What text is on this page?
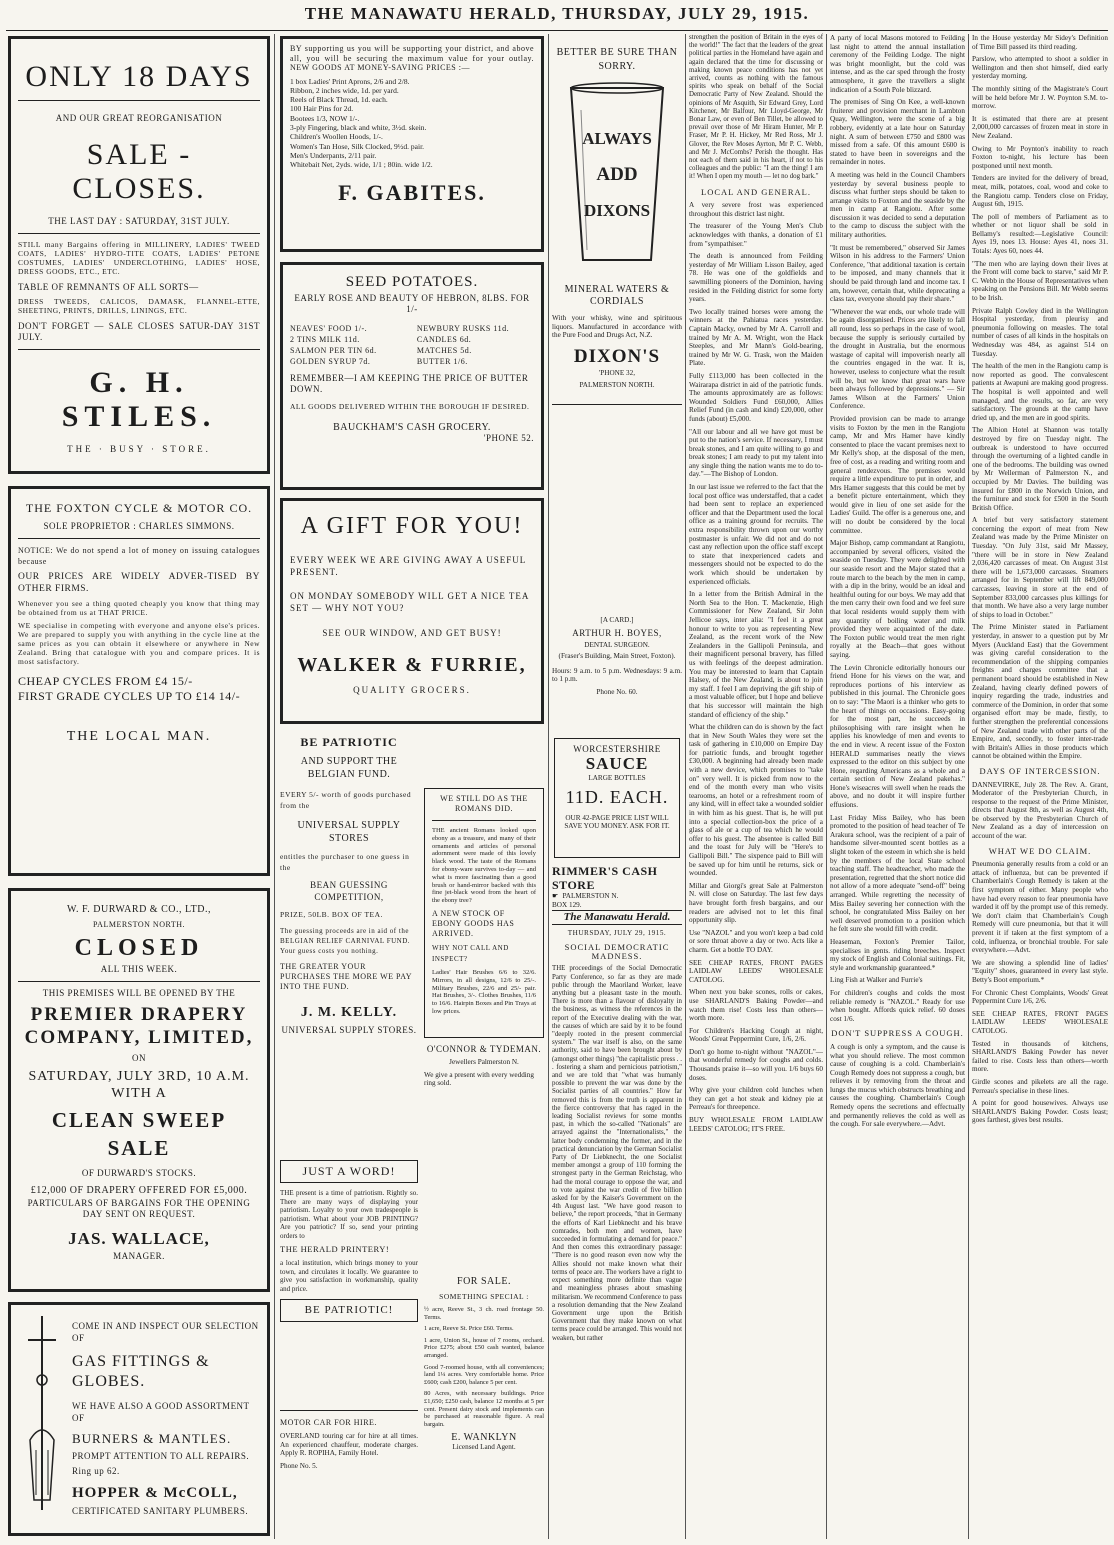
THE MANAWATU HERALD, THURSDAY, JULY 29, 1915.
ONLY 18 DAYS
AND OUR GREAT REORGANISATION
SALE - CLOSES.
THE LAST DAY : SATURDAY, 31ST JULY.

STILL many Bargains offering in MILLINERY, LADIES' TWEED COATS, LADIES' HYDRO-TITE COATS, LADIES' PETONE COSTUMES, LADIES' UNDERCLOTHING, LADIES' HOSE, DRESS GOODS, ETC., ETC.

TABLE OF REMNANTS OF ALL SORTS—

DRESS TWEEDS, CALICOS, DAMASK, FLANNEL-ETTE, SHEETING, PRINTS, DRILLS, LININGS, ETC.

DON'T FORGET — SALE CLOSES SATUR-DAY 31ST JULY.

G. H. STILES.
THE · BUSY · STORE.
THE FOXTON CYCLE & MOTOR CO.
SOLE PROPRIETOR : CHARLES SIMMONS.

NOTICE: We do not spend a lot of money on issuing catalogues because

OUR PRICES ARE WIDELY ADVER-TISED BY OTHER FIRMS.

Whenever you see a thing quoted cheaply you know that thing may be obtained from us at THAT PRICE.

WE specialise in competing with everyone and anyone else's prices. We are prepared to supply you with anything in the cycle line at the same prices as you can obtain it elsewhere or anywhere in New Zealand. Bring that catalogue with you and compare prices. It is most satisfactory.

CHEAP CYCLES FROM £4 15/-
FIRST GRADE CYCLES UP TO £14 14/-
THE LOCAL MAN.
W. F. DURWARD & CO., LTD.,
PALMERSTON NORTH.
CLOSED
ALL THIS WEEK.
THIS PREMISES WILL BE OPENED BY THE
PREMIER DRAPERY COMPANY, LIMITED,
ON
SATURDAY, JULY 3RD, 10 A.M. WITH A
CLEAN SWEEP SALE
OF DURWARD'S STOCKS.
£12,000 OF DRAPERY OFFERED FOR £5,000.
PARTICULARS OF BARGAINS FOR THE OPENING DAY SENT ON REQUEST.
JAS. WALLACE,
MANAGER.
COME IN AND INSPECT OUR SELECTION OF
GAS FITTINGS & GLOBES.
WE HAVE ALSO A GOOD ASSORTMENT OF
BURNERS & MANTLES.
PROMPT ATTENTION TO ALL REPAIRS.
Ring up 62.
HOPPER & McCOLL,
CERTIFICATED SANITARY PLUMBERS.

BY supporting us you will be supporting your district, and above all, you will be securing the maximum value for your outlay. NEW GOODS AT MONEY-SAVING PRICES :—

1 box Ladies' Print Aprons, 2/6 and 2/8.
Ribbon, 2 inches wide, 1d. per yard.
Reels of Black Thread, 1d. each.
100 Hair Pins for 2d.
Bootees 1/3, NOW 1/-.
3-ply Fingering, black and white, 3½d. skein.
Children's Woollen Hoods, 1/-.
Women's Tan Hose, Silk Clocked, 9½d. pair.
Men's Underpants, 2/11 pair.
Whitebait Net, 2yds. wide, 1/1 ; 80in. wide 1/2.
F. GABITES.
SEED POTATOES.
EARLY ROSE AND BEAUTY OF HEBRON, 8LBS. FOR 1/-
NEAVES' FOOD 1/-.
2 TINS MILK 11d.
SALMON PER TIN 6d.
GOLDEN SYRUP 7d.
NEWBURY RUSKS 11d.
CANDLES 6d.
MATCHES 5d.
BUTTER 1/6.
REMEMBER—I AM KEEPING THE PRICE OF BUTTER DOWN.
ALL GOODS DELIVERED WITHIN THE BOROUGH IF DESIRED.
BAUCKHAM'S CASH GROCERY.
'PHONE 52.
A GIFT FOR YOU!
EVERY WEEK WE ARE GIVING AWAY A USEFUL PRESENT.
ON MONDAY SOMEBODY WILL GET A NICE TEA SET — WHY NOT YOU?
SEE OUR WINDOW, AND GET BUSY!
WALKER & FURRIE,
QUALITY GROCERS.
BE PATRIOTIC
AND SUPPORT THE BELGIAN FUND.
EVERY 5/- worth of goods purchased from the
UNIVERSAL SUPPLY STORES
entitles the purchaser to one guess in the
BEAN GUESSING COMPETITION,
PRIZE, 50LB. BOX OF TEA.
The guessing proceeds are in aid of the BELGIAN RELIEF CARNIVAL FUND. Your guess costs you nothing.
THE GREATER YOUR PURCHASES THE MORE WE PAY INTO THE FUND.
J. M. KELLY.
UNIVERSAL SUPPLY STORES.
WE STILL DO AS THE ROMANS DID.

THE ancient Romans looked upon ebony as a treasure, and many of their ornaments and articles of personal adornment were made of this lovely black wood. The taste of the Romans for ebony-ware survives to-day — and what is more fascinating than a good brush or hand-mirror backed with this fine jet-black wood from the heart of the ebony tree?

A NEW STOCK OF EBONY GOODS HAS ARRIVED.
WHY NOT CALL AND INSPECT?

Ladies' Hair Brushes 6/6 to 32/6. Mirrors, in all designs, 12/6 to 25/-. Military Brushes, 22/6 and 25/- pair. Hat Brushes, 3/-. Clothes Brushes, 11/6 to 16/6. Hairpin Boxes and Pin Trays at low prices.

O'CONNOR & TYDEMAN.
Jewellers Palmerston N.
We give a present with every wedding ring sold.
JUST A WORD!

THE present is a time of patriotism. Rightly so. There are many ways of displaying your patriotism. Loyalty to your own tradespeople is patriotism. What about your JOB PRINTING? Are you patriotic? If so, send your printing orders to

THE HERALD PRINTERY!

a local institution, which brings money to your town, and circulates it locally. We guarantee to give you satisfaction in workmanship, quality and price.

BE PATRIOTIC!
MOTOR CAR FOR HIRE.

OVERLAND touring car for hire at all times. An experienced chauffeur, moderate charges. Apply R. ROPIHA, Family Hotel.

Phone No. 5.
FOR SALE.
SOMETHING SPECIAL :

½ acre, Reeve St., 3 ch. road frontage 50. Terms.

1 acre, Reeve St. Price £60. Terms.

1 acre, Union St., house of 7 rooms, orchard. Price £275; about £50 cash wanted, balance arranged.

Good 7-roomed house, with all conveniences; land 1¼ acres. Very comfortable home. Price £600; cash £200, balance 5 per cent.

80 Acres, with necessary buildings. Price £1,650; £250 cash, balance 12 months at 5 per cent. Present dairy stock and implements can be purchased at reasonable figure. A real bargain.

E. WANKLYN
Licensed Land Agent.
BETTER BE SURE THAN SORRY.
ALWAYS
ADD
DIXONS
MINERAL WATERS & CORDIALS

With your whisky, wine and spirituous liquors. Manufactured in accordance with the Pure Food and Drugs Act, N.Z.

DIXON'S
'PHONE 32,
PALMERSTON NORTH.
[A CARD.]
ARTHUR H. BOYES,
DENTAL SURGEON.
(Fraser's Building, Main Street, Foxton).

Hours: 9 a.m. to 5 p.m. Wednesdays: 9 a.m. to 1 p.m.

Phone No. 60.
WORCESTERSHIRE
SAUCE
LARGE BOTTLES
11D. EACH.

OUR 42-PAGE PRICE LIST WILL SAVE YOU MONEY. ASK FOR IT.

RIMMER'S CASH STORE
☛ PALMERSTON N.
BOX 129.
The Manawatu Herald.
THURSDAY, JULY 29, 1915.
SOCIAL DEMOCRATIC MADNESS.

THE proceedings of the Social Democratic Party Conference, so far as they are made public through the Maoriland Worker, leave anything but a pleasant taste in the mouth. There is more than a flavour of disloyalty in the business, as witness the references in the report of the Executive dealing with the war, the causes of which are said by it to be found "deeply rooted in the present commercial system." The war itself is also, on the same authority, said to have been brought about by (amongst other things) "the capitalistic press . . . fostering a sham and pernicious patriotism," and we are told that "what was humanly possible to prevent the war was done by the Socialist parties of all countries." How far removed this is from the truth is apparent in the fierce controversy that has raged in the leading Socialist reviews for some months past, in which the so-called "Nationals" are arrayed against the "Internationalists," the latter body condemning the former, and in the practical denunciation by the German Socialist Party of Dr Liebknecht, the one Socialist member amongst a group of 110 forming the strongest party in the German Reichstag, who had the moral courage to oppose the war, and to vote against the war credit of five billion asked for by the Kaiser's Government on the 4th August last. "We have good reason to believe," the report proceeds, "that in Germany the efforts of Karl Liebknecht and his brave comrades, both men and women, have succeeded in formulating a demand for peace." And then comes this extraordinary passage: "There is no good reason even now why the Allies should not make known what their terms of peace are. The workers have a right to expect something more definite than vague and meaningless phrases about smashing militarism. We recommend Conference to pass a resolution demanding that the New Zealand Government urge upon the British Government that they make known on what terms peace could be arranged. This would not weaken, but rather

strengthen the position of Britain in the eyes of the world!" The fact that the leaders of the great political parties in the Homeland have again and again declared that the time for discussing or making known peace conditions has not yet arrived, counts as nothing with the famous spirits who speak on behalf of the Social Democratic Party of New Zealand. Should the opinions of Mr Asquith, Sir Edward Grey, Lord Kitchener, Mr Balfour, Mr Lloyd-George, Mr Bonar Law, or even of Ben Tillet, be allowed to prevail over those of Mr Hiram Hunter, Mr P. Fraser, Mr P. H. Hickey, Mr Red Ross, Mr J. Glover, the Rev Moses Ayrton, Mr P. C. Webb, and Mr J. McCombs? Perish the thought. Has not each of them said in his heart, if not to his colleagues and the public: "I am the thing! I am it! When I open my mouth — let no dog bark."

LOCAL AND GENERAL.

A very severe frost was experienced throughout this district last night.

The treasurer of the Young Men's Club acknowledges with thanks, a donation of £1 from "sympathiser."

The death is announced from Feilding yesterday of Mr William Lisson Bailey, aged 78. He was one of the goldfields and sawmilling pioneers of the Dominion, having resided in the Feilding district for some forty years.

Two locally trained horses were among the winners at the Pahiatua races yesterday. Captain Macky, owned by Mr A. Carroll and trained by Mr A. M. Wright, won the Hack Steeples, and Mr Mann's Gold-bearing, trained by Mr W. G. Trask, won the Maiden Plate.

Fully £113,000 has been collected in the Wairarapa district in aid of the patriotic funds. The amounts approximately are as follows: Wounded Soldiers Fund £60,000, Allies Relief Fund (in cash and kind) £20,000, other funds (about) £5,000.

"All our labour and all we have got must be put to the nation's service. If necessary, I must break stones, and I am quite willing to go and break stones; I am ready to put my talent into any single thing the nation wants me to do to-day."—The Bishop of London.

In our last issue we referred to the fact that the local post office was understaffed, that a cadet had been sent to replace an experienced officer and that the Department used the local office as a training ground for recruits. The extra responsibility thrown upon our worthy postmaster is unfair. We did not and do not cast any reflection upon the office staff except to state that inexperienced cadets and messengers should not be expected to do the work which should be undertaken by experienced officials.

In a letter from the British Admiral in the North Sea to the Hon. T. Mackenzie, High Commissioner for New Zealand, Sir John Jellicoe says, inter alia: "I feel it a great honour to write to you as representing New Zealand, as the recent work of the New Zealanders in the Gallipoli Peninsula, and their magnificent personal bravery, has filled us with feelings of the deepest admiration. You may be interested to learn that Captain Halsey, of the New Zealand, is about to join my staff. I feel I am depriving the gift ship of a most valuable officer, but I hope and believe that his successor will maintain the high standard of efficiency of the ship."

What the children can do is shown by the fact that in New South Wales they were set the task of gathering in £10,000 on Empire Day for patriotic funds, and brought together £30,000. A beginning had already been made with a new device, which promises to "take on" very well. It is picked from now to the end of the month every man who visits tearooms, an hotel or a refreshment room of any kind, will in effect take a wounded soldier in with him as his guest. That is, he will put into a special collection-box the price of a glass of ale or a cup of tea which he would offer to his guest. The absentee is called Bill and the toast for July will be "Here's to Gallipoli Bill." The sixpence paid to Bill will be saved up for him until he returns, sick or wounded.

Millar and Giorgi's great Sale at Palmerston N. will close on Saturday. The last few days have brought forth fresh bargains, and our readers are advised not to let this final opportunity slip.

Use "NAZOL" and you won't keep a bad cold or sore throat above a day or two. Acts like a charm. Get a bottle TO DAY.

SEE CHEAP RATES, FRONT PAGES LAIDLAW LEEDS' WHOLESALE CATOLOG.

When next you bake scones, rolls or cakes, use SHARLAND'S Baking Powder—and watch them rise! Costs less than others—worth more.

For Children's Hacking Cough at night, Woods' Great Peppermint Cure, 1/6, 2/6.

Don't go home to-night without "NAZOL"—that wonderful remedy for coughs and colds. Thousands praise it—so will you. 1/6 buys 60 doses.

Why give your children cold lunches when they can get a hot steak and kidney pie at Perreau's for threepence.

BUY WHOLESALE FROM LAIDLAW LEEDS' CATOLOG; IT'S FREE.

A party of local Masons motored to Feilding last night to attend the annual installation ceremony of the Feilding Lodge. The night was bright moonlight, but the cold was intense, and as the car sped through the frosty atmosphere, it gave the travellers a slight indication of a South Pole blizzard.

The premises of Sing On Kee, a well-known fruiterer and provision merchant in Lambton Quay, Wellington, were the scene of a big robbery, evidently at a late hour on Saturday night. A sum of between £750 and £800 was missed from a safe. Of this amount £600 is stated to have been in sovereigns and the remainder in notes.

A meeting was held in the Council Chambers yesterday by several business people to discuss what further steps should be taken to arrange visits to Foxton and the seaside by the men in camp at Rangiotu. After some discussion it was decided to send a deputation to the camp to discuss the subject with the military authorities.

"It must be remembered," observed Sir James Wilson in his address to the Farmers' Union Conference, "that additional taxation is certain to be imposed, and many channels that it should be paid through land and income tax. I am, however, certain that, while deprecating a class tax, everyone should pay their share."

"Whenever the war ends, our whole trade will be again disorganised. Prices are likely to fall all round, less so perhaps in the case of wool, because the supply is seriously curtailed by the drought in Australia, but the enormous wastage of capital will impoverish nearly all the countries engaged in the war. It is, however, useless to conjecture what the result will be, but we know that great wars have been always followed by depressions." — Sir James Wilson at the Farmers' Union Conference.

Provided provision can be made to arrange visits to Foxton by the men in the Rangiotu camp, Mr and Mrs Hamer have kindly consented to place the vacant premises next to Mr Kelly's shop, at the disposal of the men, free of cost, as a reading and writing room and general rendezvous. The premises would require a little expenditure to put in order, and Mrs Hamer suggests that this could be met by a benefit picture entertainment, which they would give in lieu of one set aside for the Ladies' Guild. The offer is a generous one, and will no doubt be considered by the local committee.

Major Bishop, camp commandant at Rangiotu, accompanied by several officers, visited the seaside on Tuesday. They were delighted with our seaside resort and the Major stated that a route march to the beach by the men in camp, with a dip in the briny, would be an ideal and healthful outing for our boys. We may add that the men carry their own food and we feel sure that local residents would supply them with any quantity of boiling water and milk provided they were acquainted of the date. The Foxton public would treat the men right royally at the Beach—that goes without saying.

The Levin Chronicle editorially honours our friend Hone for his views on the war, and reproduces portions of his interview as published in this journal. The Chronicle goes on to say: "The Maori is a thinker who gets to the heart of things on occasions. Easy-going for the most part, he succeeds in philosophising with rare insight when he applies his knowledge of men and events to the end in view. A recent issue of the Foxton HERALD summarises neatly the views expressed to the editor on this subject by one Hone, regarding Americans as a whole and a certain section of New Zealand pakehas." Hone's wiseacres will swell when he reads the above, and no doubt it will inspire further effusions.

Last Friday Miss Bailey, who has been promoted to the position of head teacher of Te Arakura school, was the recipient of a pair of handsome silver-mounted scent bottles as a slight token of the esteem in which she is held by the members of the local State school teaching staff. The headteacher, who made the presentation, regretted that the short notice did not allow of a more adequate "send-off" being arranged. While regretting the necessity of Miss Bailey severing her connection with the school, he congratulated Miss Bailey on her well deserved promotion to a position which he felt sure she would fill with credit.

Heaseman, Foxton's Premier Tailor, specialises in gents. riding breeches. Inspect my stock of English and Colonial suitings. Fit, style and workmanship guaranteed.*

Ling Fish at Walker and Furrie's

For children's coughs and colds the most reliable remedy is "NAZOL." Ready for use when bought. Affords quick relief. 60 doses cost 1/6.

DON'T SUPPRESS A COUGH.

A cough is only a symptom, and the cause is what you should relieve. The most common cause of coughing is a cold. Chamberlain's Cough Remedy does not suppress a cough, but relieves it by removing from the throat and lungs the mucus which obstructs breathing and causes the coughing. Chamberlain's Cough Remedy opens the secretions and effectually and permanently relieves the cold as well as the cough. For sale everywhere.—Advt.

In the House yesterday Mr Sidey's Definition of Time Bill passed its third reading.

Parslow, who attempted to shoot a soldier in Wellington and then shot himself, died early yesterday morning.

The monthly sitting of the Magistrate's Court will be held before Mr J. W. Poynton S.M. to-morrow.

It is estimated that there are at present 2,000,000 carcasses of frozen meat in store in New Zealand.

Owing to Mr Poynton's inability to reach Foxton to-night, his lecture has been postponed until next month.

Tenders are invited for the delivery of bread, meat, milk, potatoes, coal, wood and coke to the Rangiotu camp. Tenders close on Friday, August 6th, 1915.

The poll of members of Parliament as to whether or not liquor shall be sold in Bellamy's resulted:—Legislative Council: Ayes 19, noes 13. House: Ayes 41, noes 31. Totals: Ayes 60, noes 44.

"The men who are laying down their lives at the Front will come back to starve," said Mr P. C. Webb in the House of Representatives when speaking on the Pensions Bill. Mr Webb seems to be Irish.

Private Ralph Cowley died in the Wellington Hospital yesterday, from pleurisy and pneumonia following on measles. The total number of cases of all kinds in the hospitals on Wednesday was 484, as against 514 on Tuesday.

The health of the men in the Rangiotu camp is now reported as good. The convalescent patients at Awapuni are making good progress. The hospital is well appointed and well managed, and the results, so far, are very satisfactory. The grounds at the camp have dried up, and the men are in good spirits.

The Albion Hotel at Shannon was totally destroyed by fire on Tuesday night. The outbreak is understood to have occurred through the overturning of a lighted candle in one of the bedrooms. The building was owned by Mr Wellerman of Palmerston N., and occupied by Mr Davies. The building was insured for £800 in the Norwich Union, and the furniture and stock for £500 in the South British Office.

A brief but very satisfactory statement concerning the export of meat from New Zealand was made by the Prime Minister on Tuesday. "On July 31st, said Mr Massey, "there will be in store in New Zealand 2,036,420 carcasses of meat. On August 31st there will be 1,673,000 carcasses. Steamers arranged for in September will lift 849,000 carcasses, leaving in store at the end of September 833,000 carcasses plus killings for that month. We have also a very large number of ships to load in October."

The Prime Minister stated in Parliament yesterday, in answer to a question put by Mr Myers (Auckland East) that the Government was giving careful consideration to the recommendation of the shipping companies freights and charges committee that a permanent board should be established in New Zealand, having clearly defined powers of inquiry regarding the trade, industries and commerce of the Dominion, in order that some organised effort may be made, firstly, to further strengthen the preferential concessions of New Zealand trade with other parts of the Empire, and, secondly, to foster inter-trade with Britain's Allies in those products which cannot be obtained within the Empire.

DAYS OF INTERCESSION.

DANNEVIRKE, July 28. The Rev. A. Grant, Moderator of the Presbyterian Church, in response to the request of the Prime Minister, directs that August 8th, as well as August 4th, be observed by the Presbyterian Church of New Zealand as a day of intercession on account of the war.

WHAT WE DO CLAIM.

Pneumonia generally results from a cold or an attack of influenza, but can be prevented if Chamberlain's Cough Remedy is taken at the first symptom of either. Many people who have had every reason to fear pneumonia have warded it off by the prompt use of this remedy. We don't claim that Chamberlain's Cough Remedy will cure pneumonia, but that it will prevent it if taken at the first symptom of a cold, influenza, or bronchial trouble. For sale everywhere.—Advt.

We are showing a splendid line of ladies' "Equity" shoes, guaranteed in every last style. Betty's Boot emporium.*

For Chronic Chest Complaints, Woods' Great Peppermint Cure 1/6, 2/6.

SEE CHEAP RATES, FRONT PAGES LAIDLAW LEEDS' WHOLESALE CATOLOG.

Tested in thousands of kitchens, SHARLAND'S Baking Powder has never failed to rise. Costs less than others—worth more.

Girdle scones and pikelets are all the rage. Perreau's specialise in these lines.

A point for good housewives. Always use SHARLAND'S Baking Powder. Costs least; goes farthest, gives best results.
